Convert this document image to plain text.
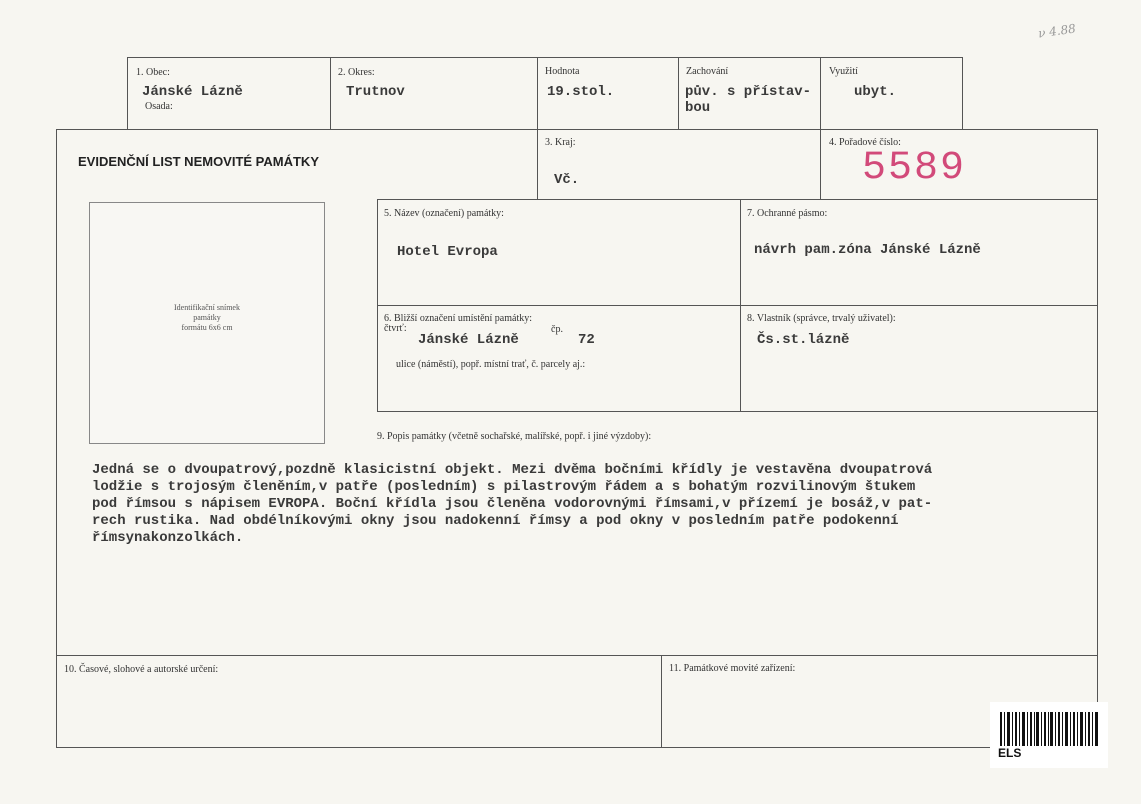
ν 4.88
1. Obec:
Jánské Lázně
Osada:
2. Okres:
Trutnov
Hodnota
19.stol.
Zachování
pův. s přístav-
bou
Využití
ubyt.
EVIDENČNÍ LIST NEMOVITÉ PAMÁTKY
3. Kraj:
Vč.
4. Pořadové číslo:
5589
Identifikační snímek
památky
formátu 6x6 cm
5. Název (označení) památky:
Hotel Evropa
7. Ochranné pásmo:
návrh pam.zóna Jánské Lázně
6. Bližší označení umístění památky:
čtvrť:
Jánské Lázně
čp.
72
ulice (náměstí), popř. místní trať, č. parcely aj.:
8. Vlastník (správce, trvalý uživatel):
Čs.st.lázně
9. Popis památky (včetně sochařské, malířské, popř. i jiné výzdoby):
Jedná se o dvoupatrový,pozdně klasicistní objekt. Mezi dvěma bočními křídly je vestavěna dvoupatrová
lodžie s trojosým členěním,v patře (posledním) s pilastrovým řádem a s bohatým rozvilinovým štukem
pod římsou s nápisem EVROPA. Boční křídla jsou členěna vodorovnými římsami,v přízemí je bosáž,v pat-
rech rustika. Nad obdélníkovými okny jsou nadokenní římsy a pod okny v posledním patře podokenní
římsynakonzolkách.
10. Časové, slohové a autorské určení:	11. Památkové movité zařízení:
ELS
